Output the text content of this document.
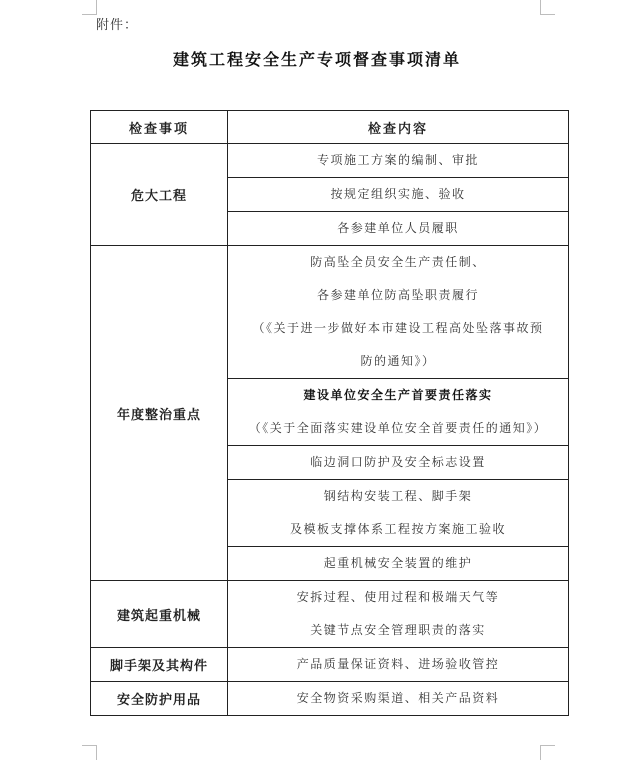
附件：
建筑工程安全生产专项督查事项清单
检查事项	检查内容
危大工程	专项施工方案的编制、审批

	按规定组织实施、验收

	各参建单位人员履职

年度整治重点	防高坠全员安全生产责任制、
各参建单位防高坠职责履行
（《关于进一步做好本市建设工程高处坠落事故预
防的通知》）

	建设单位安全生产首要责任落实
（《关于全面落实建设单位安全首要责任的通知》）

	临边洞口防护及安全标志设置

	钢结构安装工程、脚手架
及模板支撑体系工程按方案施工验收

	起重机械安全装置的维护

建筑起重机械	安拆过程、使用过程和极端天气等
关键节点安全管理职责的落实

脚手架及其构件	产品质量保证资料、进场验收管控

安全防护用品	安全物资采购渠道、相关产品资料
